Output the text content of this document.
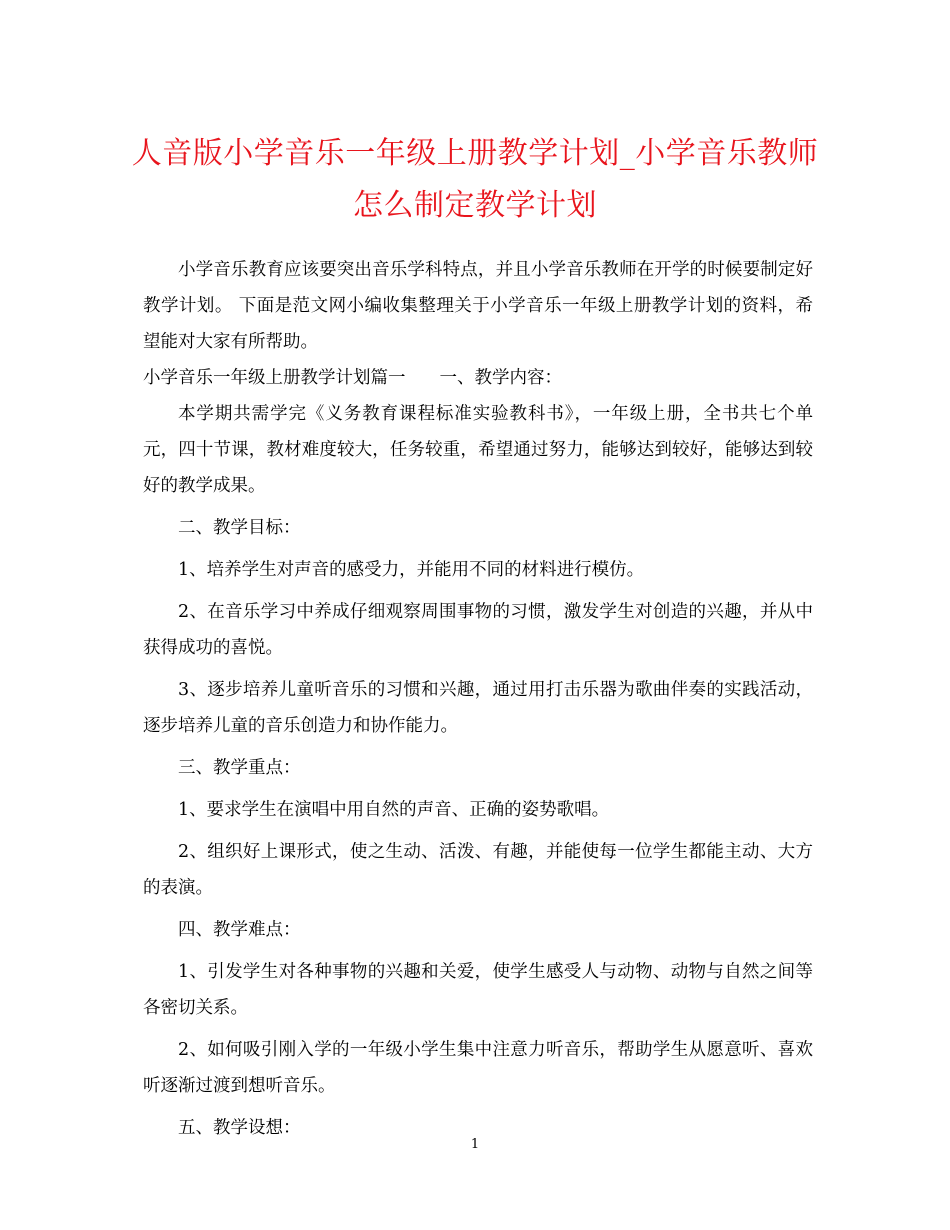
人音版小学音乐一年级上册教学计划_小学音乐教师怎么制定教学计划

小学音乐教育应该要突出音乐学科特点，并且小学音乐教师在开学的时候要制定好教学计划。 下面是范文网小编收集整理关于小学音乐一年级上册教学计划的资料，希望能对大家有所帮助。

小学音乐一年级上册教学计划篇一 一、教学内容：

本学期共需学完《义务教育课程标准实验教科书》，一年级上册，全书共七个单元，四十节课，教材难度较大，任务较重，希望通过努力，能够达到较好，能够达到较好的教学成果。

二、教学目标：

1、培养学生对声音的感受力，并能用不同的材料进行模仿。

2、在音乐学习中养成仔细观察周围事物的习惯，激发学生对创造的兴趣，并从中获得成功的喜悦。

3、逐步培养儿童听音乐的习惯和兴趣，通过用打击乐器为歌曲伴奏的实践活动，逐步培养儿童的音乐创造力和协作能力。

三、教学重点：

1、要求学生在演唱中用自然的声音、正确的姿势歌唱。

2、组织好上课形式，使之生动、活泼、有趣，并能使每一位学生都能主动、大方的表演。

四、教学难点：

1、引发学生对各种事物的兴趣和关爱，使学生感受人与动物、动物与自然之间等各密切关系。

2、如何吸引刚入学的一年级小学生集中注意力听音乐，帮助学生从愿意听、喜欢听逐渐过渡到想听音乐。

五、教学设想：

1
